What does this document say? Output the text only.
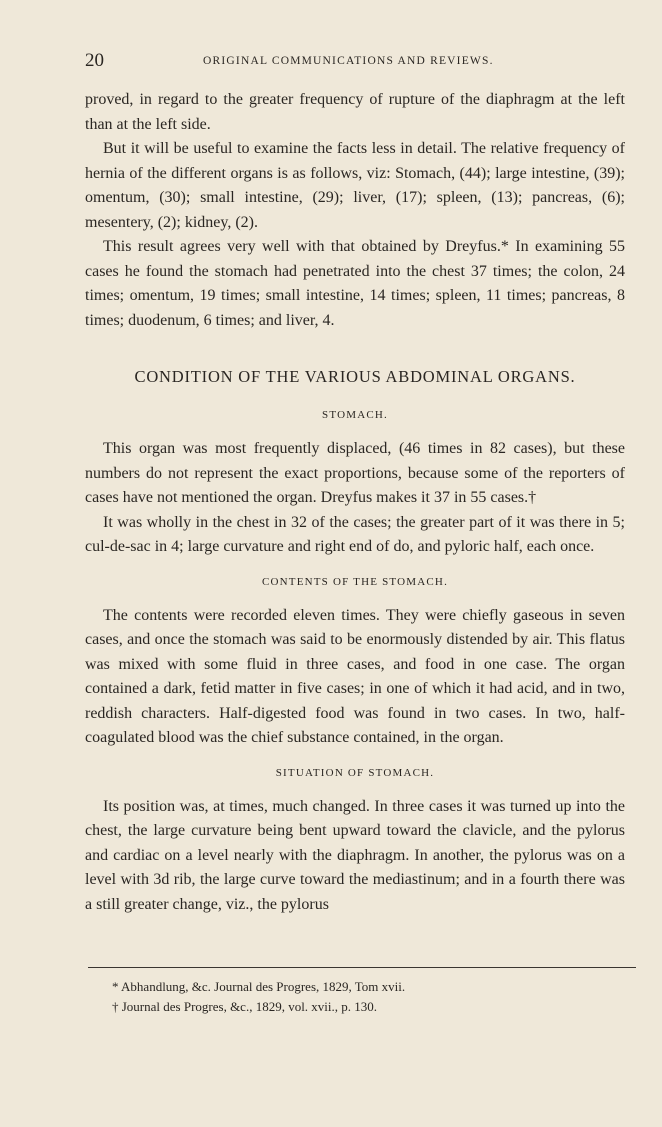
20	ORIGINAL COMMUNICATIONS AND REVIEWS.

proved, in regard to the greater frequency of rupture of the diaphragm at the left than at the left side.

But it will be useful to examine the facts less in detail. The relative frequency of hernia of the different organs is as follows, viz: Stomach, (44); large intestine, (39); omentum, (30); small intestine, (29); liver, (17); spleen, (13); pancreas, (6); mesentery, (2); kidney, (2).

This result agrees very well with that obtained by Dreyfus.* In examining 55 cases he found the stomach had penetrated into the chest 37 times; the colon, 24 times; omentum, 19 times; small intestine, 14 times; spleen, 11 times; pancreas, 8 times; duodenum, 6 times; and liver, 4.

CONDITION OF THE VARIOUS ABDOMINAL ORGANS.
STOMACH.

This organ was most frequently displaced, (46 times in 82 cases), but these numbers do not represent the exact proportions, because some of the reporters of cases have not mentioned the organ. Dreyfus makes it 37 in 55 cases.†

It was wholly in the chest in 32 of the cases; the greater part of it was there in 5; cul-de-sac in 4; large curvature and right end of do, and pyloric half, each once.

CONTENTS OF THE STOMACH.

The contents were recorded eleven times. They were chiefly gaseous in seven cases, and once the stomach was said to be enormously distended by air. This flatus was mixed with some fluid in three cases, and food in one case. The organ contained a dark, fetid matter in five cases; in one of which it had acid, and in two, reddish characters. Half-digested food was found in two cases. In two, half-coagulated blood was the chief substance contained, in the organ.

SITUATION OF STOMACH.

Its position was, at times, much changed. In three cases it was turned up into the chest, the large curvature being bent upward toward the clavicle, and the pylorus and cardiac on a level nearly with the diaphragm. In another, the pylorus was on a level with 3d rib, the large curve toward the mediastinum; and in a fourth there was a still greater change, viz., the pylorus

* Abhandlung, &c. Journal des Progres, 1829, Tom xvii.

† Journal des Progres, &c., 1829, vol. xvii., p. 130.
